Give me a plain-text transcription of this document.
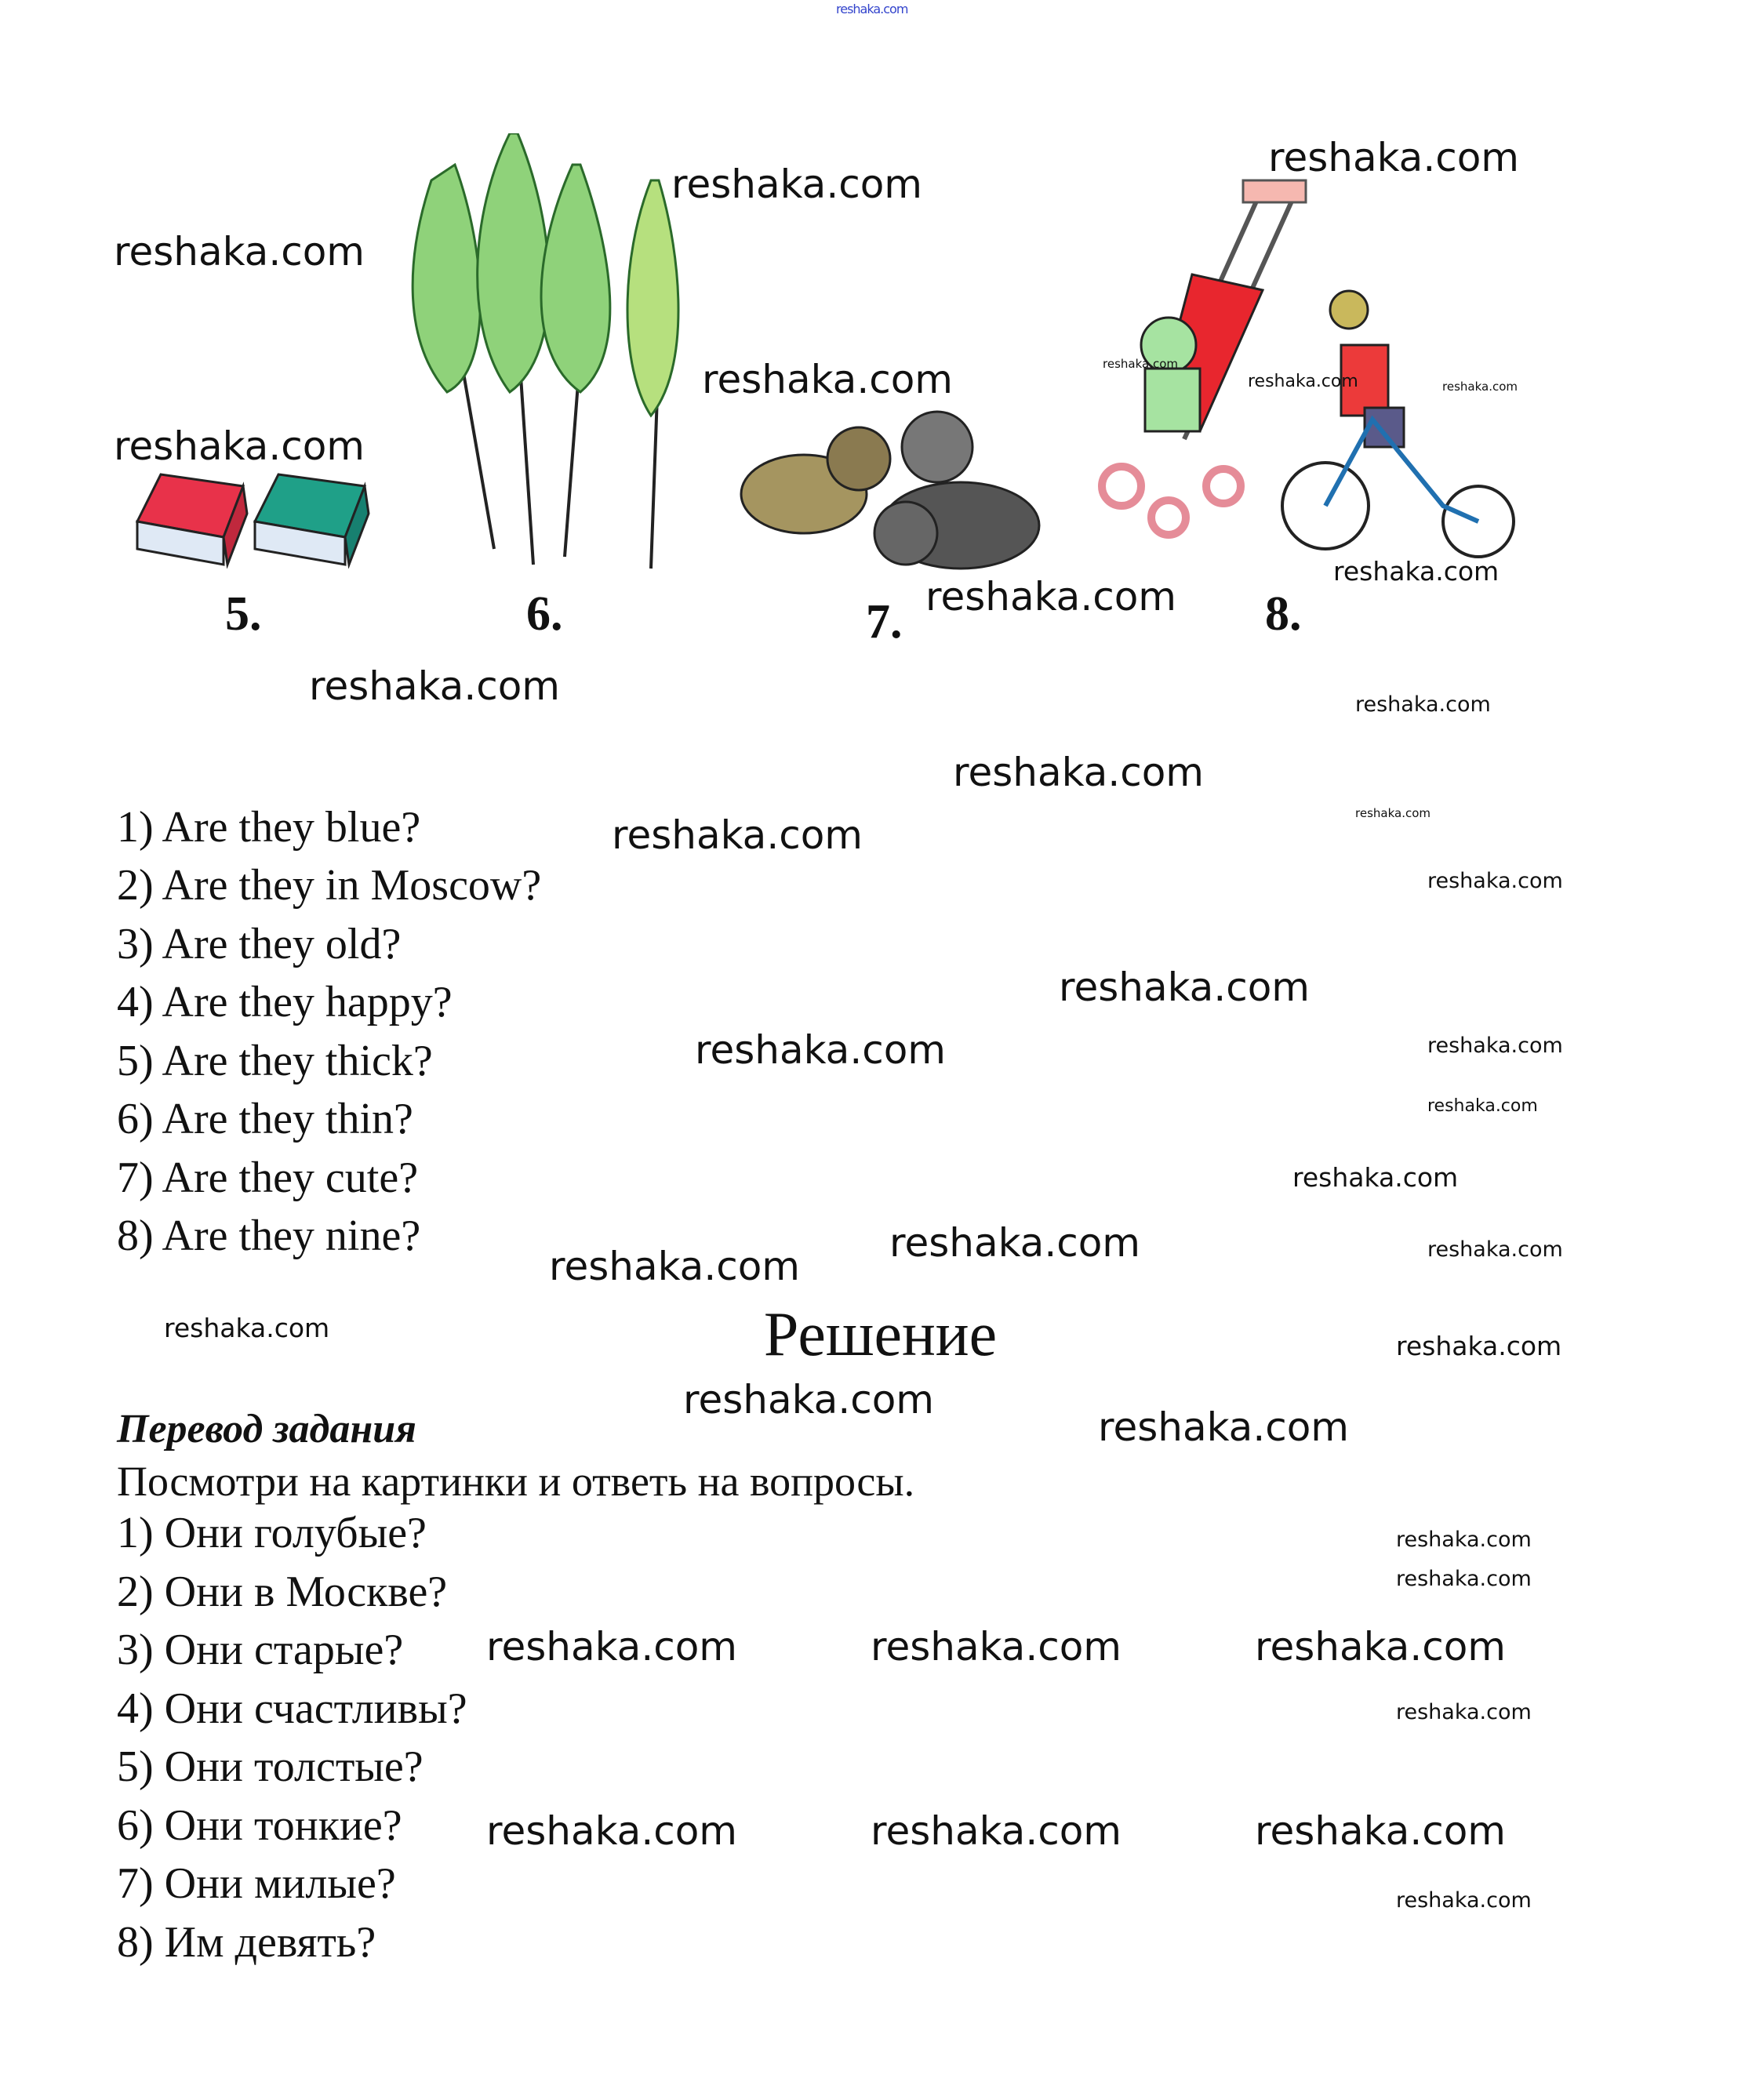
reshaka.com
5.	6.	7.	8.
1) Are they blue?
2) Are they in Moscow?
3) Are they old?
4) Are they happy?
5) Are they thick?
6) Are they thin?
7) Are they cute?
8) Are they nine?
Решение
Перевод задания
Посмотри на картинки и ответь на вопросы.
1) Они голубые?
2) Они в Москве?
3) Они старые?
4) Они счастливы?
5) Они толстые?
6) Они тонкие?
7) Они милые?
8) Им девять?
reshaka.com
reshaka.com
reshaka.com
reshaka.com
reshaka.com
reshaka.com
reshaka.com	reshaka.com
reshaka.com
reshaka.com
reshaka.com	reshaka.com
reshaka.com
reshaka.com
reshaka.com
reshaka.com
reshaka.com
reshaka.com
reshaka.com
reshaka.com
reshaka.com
reshaka.com
reshaka.com
reshaka.com
reshaka.com
reshaka.com
reshaka.com
reshaka.com
reshaka.com
reshaka.com
reshaka.com	reshaka.com	reshaka.com
reshaka.com
reshaka.com
reshaka.com	reshaka.com	reshaka.com
